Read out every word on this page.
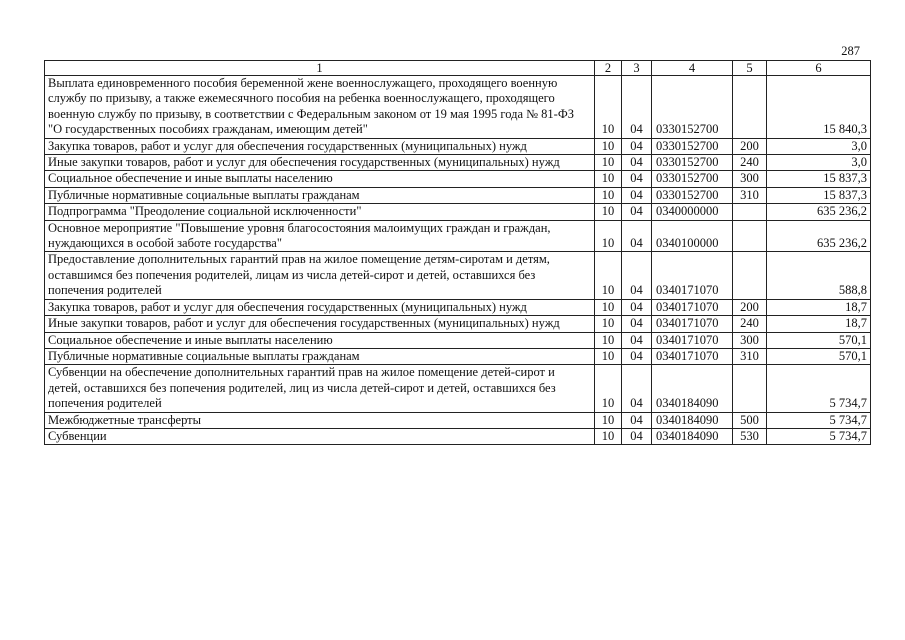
287
1	2	3	4	5	6
Выплата единовременного пособия беременной жене военнослужащего, проходящего военную службу по призыву, а также ежемесячного пособия на ребенка военнослужащего, проходящего военную службу по призыву, в соответствии с Федеральным законом от 19 мая 1995 года № 81-ФЗ "О государственных пособиях гражданам, имеющим детей"	10	04	0330152700		15 840,3
Закупка товаров, работ и услуг для обеспечения государственных (муниципальных) нужд	10	04	0330152700	200	3,0
Иные закупки товаров, работ и услуг для обеспечения государственных (муниципальных) нужд	10	04	0330152700	240	3,0
Социальное обеспечение и иные выплаты населению	10	04	0330152700	300	15 837,3
Публичные нормативные социальные выплаты гражданам	10	04	0330152700	310	15 837,3
Подпрограмма "Преодоление социальной исключенности"	10	04	0340000000		635 236,2
Основное мероприятие "Повышение уровня благосостояния малоимущих граждан и граждан, нуждающихся в особой заботе государства"	10	04	0340100000		635 236,2
Предоставление дополнительных гарантий прав на жилое помещение детям-сиротам и детям, оставшимся без попечения родителей, лицам из числа детей-сирот и детей, оставшихся без попечения родителей	10	04	0340171070		588,8
Закупка товаров, работ и услуг для обеспечения государственных (муниципальных) нужд	10	04	0340171070	200	18,7
Иные закупки товаров, работ и услуг для обеспечения государственных (муниципальных) нужд	10	04	0340171070	240	18,7
Социальное обеспечение и иные выплаты населению	10	04	0340171070	300	570,1
Публичные нормативные социальные выплаты гражданам	10	04	0340171070	310	570,1
Субвенции на обеспечение дополнительных гарантий прав на жилое помещение детей-сирот и детей, оставшихся без попечения родителей, лиц из числа детей-сирот и детей, оставшихся без попечения родителей	10	04	0340184090		5 734,7
Межбюджетные трансферты	10	04	0340184090	500	5 734,7
Субвенции	10	04	0340184090	530	5 734,7
